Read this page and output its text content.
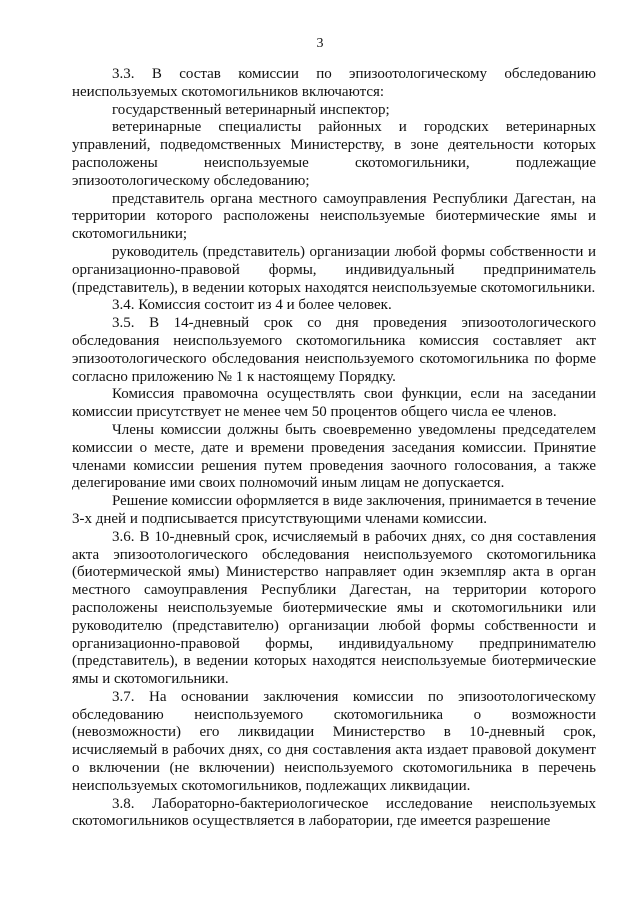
3

3.3. В состав комиссии по эпизоотологическому обследованию неиспользуемых скотомогильников включаются:

государственный ветеринарный инспектор;

ветеринарные специалисты районных и городских ветеринарных управлений, подведомственных Министерству, в зоне деятельности которых расположены неиспользуемые скотомогильники, подлежащие эпизоотологическому обследованию;

представитель органа местного самоуправления Республики Дагестан, на территории которого расположены неиспользуемые биотермические ямы и скотомогильники;

руководитель (представитель) организации любой формы собственности и организационно-правовой формы, индивидуальный предприниматель (представитель), в ведении которых находятся неиспользуемые скотомогильники.

3.4. Комиссия состоит из 4 и более человек.

3.5. В 14-дневный срок со дня проведения эпизоотологического обследования неиспользуемого скотомогильника комиссия составляет акт эпизоотологического обследования неиспользуемого скотомогильника по форме согласно приложению № 1 к настоящему Порядку.

Комиссия правомочна осуществлять свои функции, если на заседании комиссии присутствует не менее чем 50 процентов общего числа ее членов.

Члены комиссии должны быть своевременно уведомлены председателем комиссии о месте, дате и времени проведения заседания комиссии. Принятие членами комиссии решения путем проведения заочного голосования, а также делегирование ими своих полномочий иным лицам не допускается.

Решение комиссии оформляется в виде заключения, принимается в течение 3-х дней и подписывается присутствующими членами комиссии.

3.6. В 10-дневный срок, исчисляемый в рабочих днях, со дня составления акта эпизоотологического обследования неиспользуемого скотомогильника (биотермической ямы) Министерство направляет один экземпляр акта в орган местного самоуправления Республики Дагестан, на территории которого расположены неиспользуемые биотермические ямы и скотомогильники или руководителю (представителю) организации любой формы собственности и организационно-правовой формы, индивидуальному предпринимателю (представитель), в ведении которых находятся неиспользуемые биотермические ямы и скотомогильники.

3.7. На основании заключения комиссии по эпизоотологическому обследованию неиспользуемого скотомогильника о возможности (невозможности) его ликвидации Министерство в 10-дневный срок, исчисляемый в рабочих днях, со дня составления акта издает правовой документ о включении (не включении) неиспользуемого скотомогильника в перечень неиспользуемых скотомогильников, подлежащих ликвидации.

3.8. Лабораторно-бактериологическое исследование неиспользуемых скотомогильников осуществляется в лаборатории, где имеется разрешение
